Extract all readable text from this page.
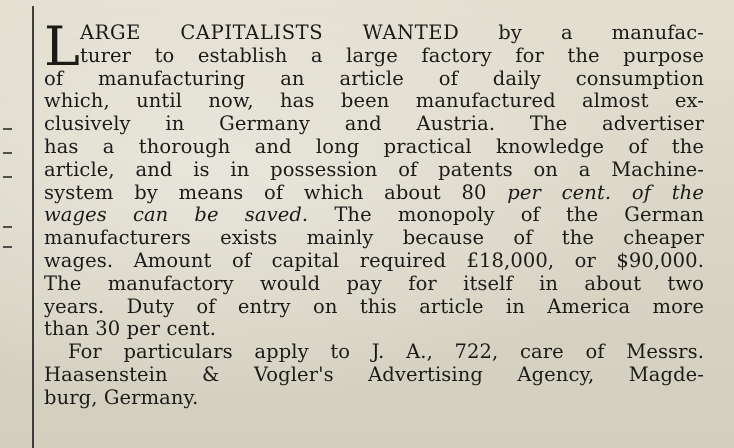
L ARGE CAPITALISTS WANTED by a manufac-
turer to establish a large factory for the purpose
of manufacturing an article of daily consumption
which, until now, has been manufactured almost ex-
clusively in Germany and Austria. The advertiser
has a thorough and long practical knowledge of the
article, and is in possession of patents on a Machine-
system by means of which about 80 per cent. of the
wages can be saved. The monopoly of the German
manufacturers exists mainly because of the cheaper
wages. Amount of capital required £18,000, or $90,000.
The manufactory would pay for itself in about two
years. Duty of entry on this article in America more
than 30 per cent.
For particulars apply to J. A., 722, care of Messrs.
Haasenstein & Vogler's Advertising Agency, Magde-
burg, Germany.
